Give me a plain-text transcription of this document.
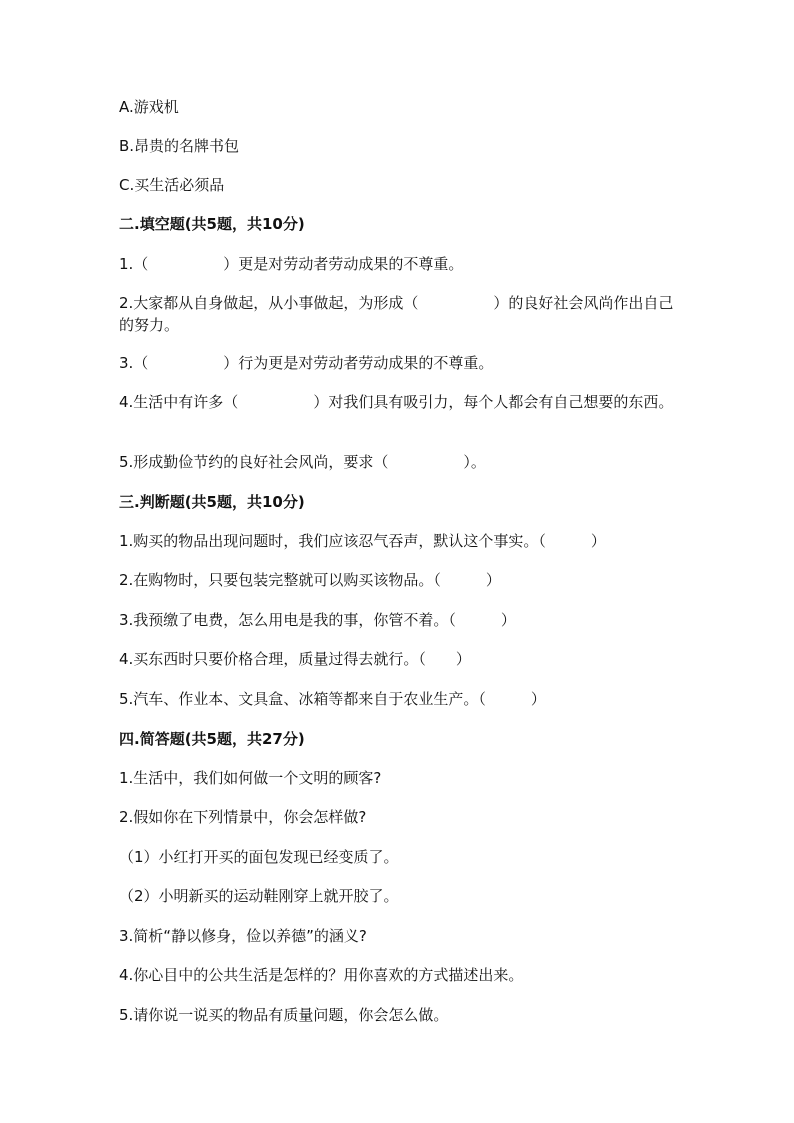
A.游戏机
B.昂贵的名牌书包
C.买生活必须品
二.填空题(共5题，共10分)
1.（　　　　　）更是对劳动者劳动成果的不尊重。
2.大家都从自身做起，从小事做起，为形成（　　　　　）的良好社会风尚作出自己的努力。
3.（　　　　　）行为更是对劳动者劳动成果的不尊重。
4.生活中有许多（　　　　　）对我们具有吸引力，每个人都会有自己想要的东西。
5.形成勤俭节约的良好社会风尚，要求（　　　　　）。
三.判断题(共5题，共10分)
1.购买的物品出现问题时，我们应该忍气吞声，默认这个事实。（　　　）
2.在购物时，只要包装完整就可以购买该物品。（　　　）
3.我预缴了电费，怎么用电是我的事，你管不着。（　　　）
4.买东西时只要价格合理，质量过得去就行。（　　）
5.汽车、作业本、文具盒、冰箱等都来自于农业生产。（　　　）
四.简答题(共5题，共27分)
1.生活中，我们如何做一个文明的顾客?
2.假如你在下列情景中，你会怎样做?
（1）小红打开买的面包发现已经变质了。
（2）小明新买的运动鞋刚穿上就开胶了。
3.简析“静以修身，俭以养德”的涵义?
4.你心目中的公共生活是怎样的？用你喜欢的方式描述出来。
5.请你说一说买的物品有质量问题，你会怎么做。
